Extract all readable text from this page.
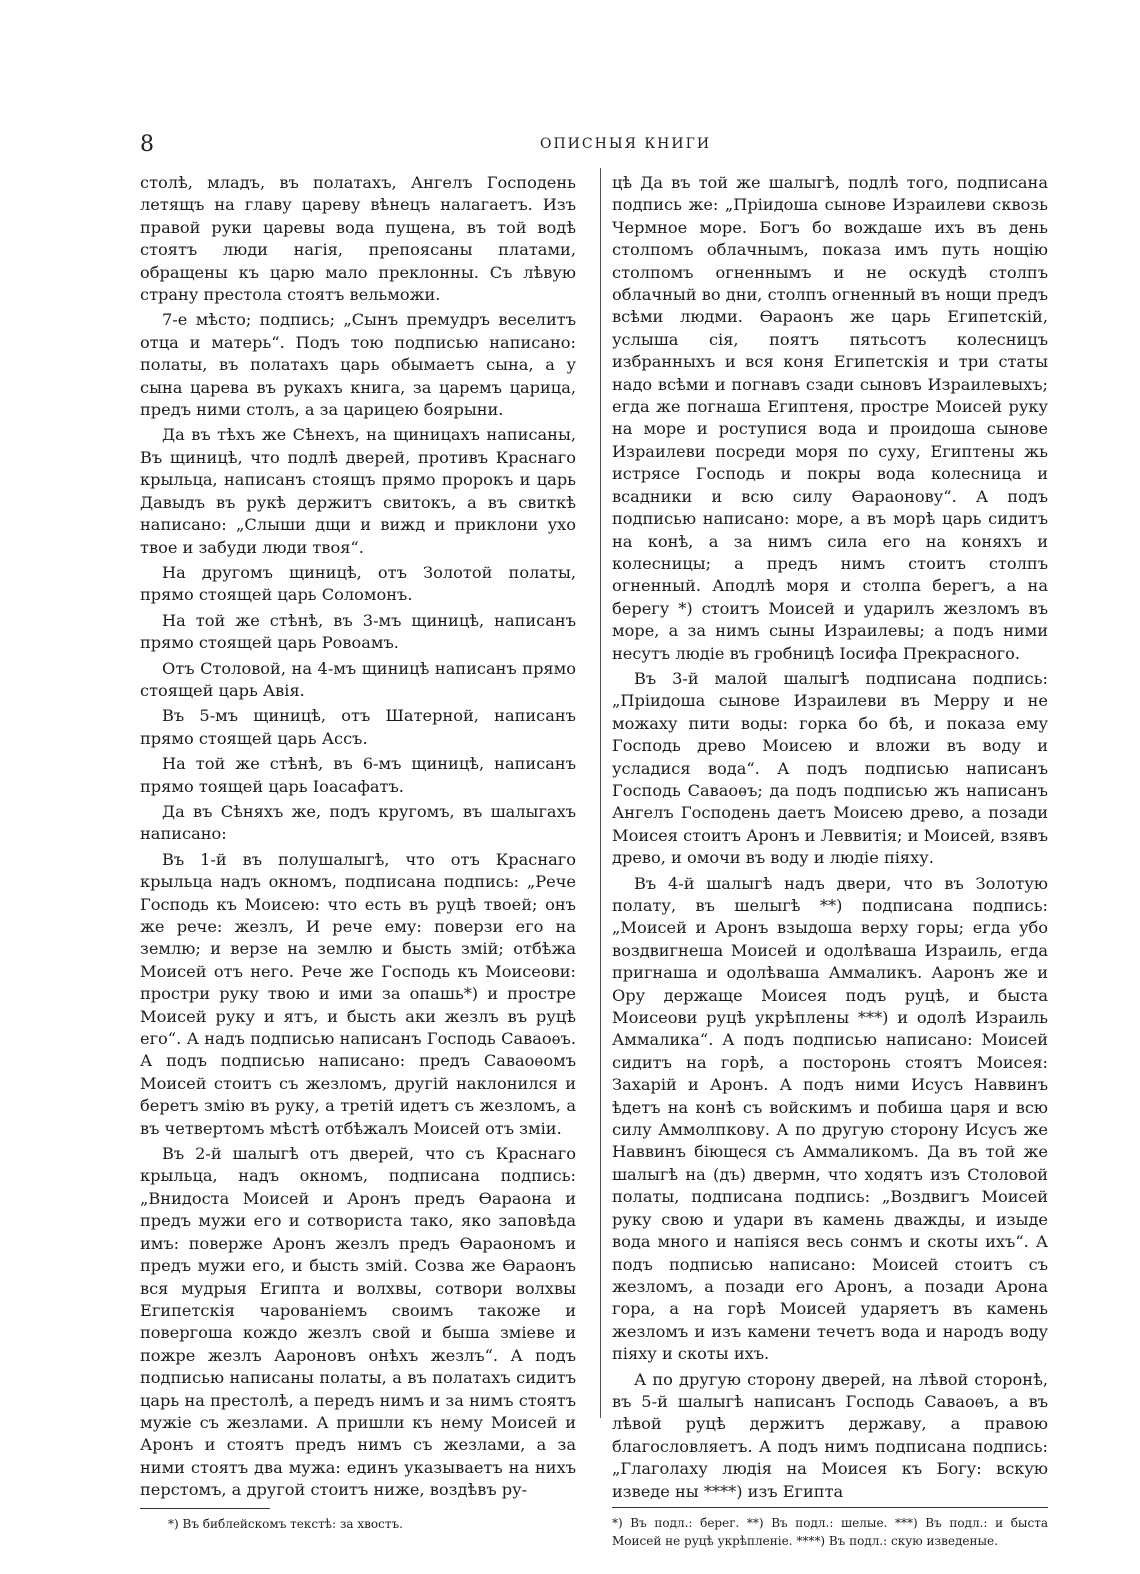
8	ОПИСНЫЯ КНИГИ

столѣ, младъ, въ полатахъ, Ангелъ Господень летящъ на главу цареву вѣнецъ налагаетъ. Изъ правой руки царевы вода пущена, въ той водѣ стоятъ люди нагія, препоясаны платами, обращены къ царю мало преклонны. Съ лѣвую страну престола стоятъ вельможи.

7-е мѣсто; подпись; „Сынъ премудръ веселитъ отца и матерь“. Подъ тою подписью написано: полаты, въ полатахъ царь обымаетъ сына, а у сына царева въ рукахъ книга, за царемъ царица, предъ ними столъ, а за царицею боярыни.

Да въ тѣхъ же Сѣнехъ, на щиницахъ написаны, Въ щиницѣ, что подлѣ дверей, противъ Краснаго крыльца, написанъ стоящъ прямо пророкъ и царь Давыдъ въ рукѣ держитъ свитокъ, а въ свиткѣ написано: „Слыши дщи и вижд и приклони ухо твое и забуди люди твоя“.

На другомъ щиницѣ, отъ Золотой полаты, прямо стоящей царь Соломонъ.

На той же стѣнѣ, въ 3-мъ щиницѣ, написанъ прямо стоящей царь Ровоамъ.

Отъ Столовой, на 4-мъ щиницѣ написанъ прямо стоящей царь Авія.

Въ 5-мъ щиницѣ, отъ Шатерной, написанъ прямо стоящей царь Ассъ.

На той же стѣнѣ, въ 6-мъ щиницѣ, написанъ прямо тоящей царь Іоасафатъ.

Да въ Сѣняхъ же, подъ кругомъ, въ шалыгахъ написано:

Въ 1-й въ полушалыгѣ, что отъ Краснаго крыльца надъ окномъ, подписана подпись: „Рече Господь къ Моисею: что есть въ руцѣ твоей; онъ же рече: жезлъ, И рече ему: поверзи его на землю; и верзе на землю и бысть змій; отбѣжа Моисей отъ него. Рече же Господь къ Моисеови: простри руку твою и ими за опашь*) и простре Моисей руку и ятъ, и бысть аки жезлъ въ руцѣ его“. А надъ подписью написанъ Господь Саваоѳъ. А подъ подписью написано: предъ Саваоѳомъ Моисей стоитъ съ жезломъ, другій наклонился и беретъ змію въ руку, а третій идетъ съ жезломъ, а въ четвертомъ мѣстѣ отбѣжалъ Моисей отъ зміи.

Въ 2-й шалыгѣ отъ дверей, что съ Краснаго крыльца, надъ окномъ, подписана подпись: „Внидоста Моисей и Аронъ предъ Ѳараона и предъ мужи его и сотвориста тако, яко заповѣда имъ: поверже Аронъ жезлъ предъ Ѳараономъ и предъ мужи его, и бысть змій. Созва же Ѳараонъ вся мудрыя Египта и волхвы, сотвори волхвы Египетскія чарованіемъ своимъ такоже и повергоша кождо жезлъ свой и быша зміеве и пожре жезлъ Аароновъ онѣхъ жезлъ“. А подъ подписью написаны полаты, а въ полатахъ сидитъ царь на престолѣ, а передъ нимъ и за нимъ стоятъ мужіе съ жезлами. А пришли къ нему Моисей и Аронъ и стоятъ предъ нимъ съ жезлами, а за ними стоятъ два мужа: единъ указываетъ на нихъ перстомъ, а другой стоитъ ниже, воздѣвъ ру-

*) Въ библейскомъ текстѣ: за хвостъ.

цѣ Да въ той же шалыгѣ, подлѣ того, подписана подпись же: „Пріидоша сынове Израилеви сквозь Чермное море. Богъ бо вождаше ихъ въ день столпомъ облачнымъ, показа имъ путь нощію столпомъ огненнымъ и не оскудѣ столпъ облачный во дни, столпъ огненный въ нощи предъ всѣми людми. Ѳараонъ же царь Египетскій, услыша сія, поятъ пятьсотъ колесницъ избранныхъ и вся коня Египетскія и три статы надо всѣми и погнавъ сзади сыновъ Израилевыхъ; егда же погнаша Египтеня, простре Моисей руку на море и роступися вода и проидоша сынове Израилеви посреди моря по суху, Египтены жь истрясе Господь и покры вода колесница и всадники и всю силу Ѳараонову“. А подъ подписью написано: море, а въ морѣ царь сидитъ на конѣ, а за нимъ сила его на коняхъ и колесницы; а предъ нимъ стоитъ столпъ огненный. Аподлѣ моря и столпа берегъ, а на берегу *) стоитъ Моисей и ударилъ жезломъ въ море, а за нимъ сыны Израилевы; а подъ ними несутъ людіе въ гробницѣ Іосифа Прекрасного.

Въ 3-й малой шалыгѣ подписана подпись: „Пріидоша сынове Израилеви въ Мерру и не можаху пити воды: горка бо бѣ, и показа ему Господь древо Моисею и вложи въ воду и усладися вода“. А подъ подписью написанъ Господь Саваоѳъ; да подъ подписью жъ написанъ Ангелъ Господень даетъ Моисею древо, а позади Моисея стоитъ Аронъ и Леввитія; и Моисей, взявъ древо, и омочи въ воду и людіе піяху.

Въ 4-й шалыгѣ надъ двери, что въ Золотую полату, въ шелыгѣ **) подписана подпись: „Моисей и Аронъ взыдоша верху горы; егда убо воздвигнеша Моисей и одолѣваша Израиль, егда пригнаша и одолѣваша Аммаликъ. Ааронъ же и Ору держаще Моисея подъ руцѣ, и быста Моисеови руцѣ укрѣплены ***) и одолѣ Израиль Аммалика“. А подъ подписью написано: Моисей сидитъ на горѣ, а посторонь стоятъ Моисея: Захарій и Аронъ. А подъ ними Исусъ Наввинъ ѣдетъ на конѣ съ войскимъ и побиша царя и всю силу Аммолпкову. А по другую сторону Исусъ же Наввинъ біющеся съ Аммаликомъ. Да въ той же шалыгѣ на (дъ) двермн, что ходятъ изъ Столовой полаты, подписана подпись: „Воздвигъ Моисей руку свою и удари въ камень дважды, и изыде вода много и напіяся весь сонмъ и скоты ихъ“. А подъ подписью написано: Моисей стоитъ съ жезломъ, а позади его Аронъ, а позади Арона гора, а на горѣ Моисей ударяетъ въ камень жезломъ и изъ камени течетъ вода и народъ воду піяху и скоты ихъ.

А по другую сторону дверей, на лѣвой сторонѣ, въ 5-й шалыгѣ написанъ Господь Саваоѳъ, а въ лѣвой руцѣ держитъ державу, а правою благословляетъ. А подъ нимъ подписана подпись: „Глаголаху людія на Моисея къ Богу: вскую изведе ны ****) изъ Египта

*) Въ подл.: берег. **) Въ подл.: шелые. ***) Въ подл.: и быста Моисей не руцѣ укрѣпленіе. ****) Въ подл.: скую изведеные.
